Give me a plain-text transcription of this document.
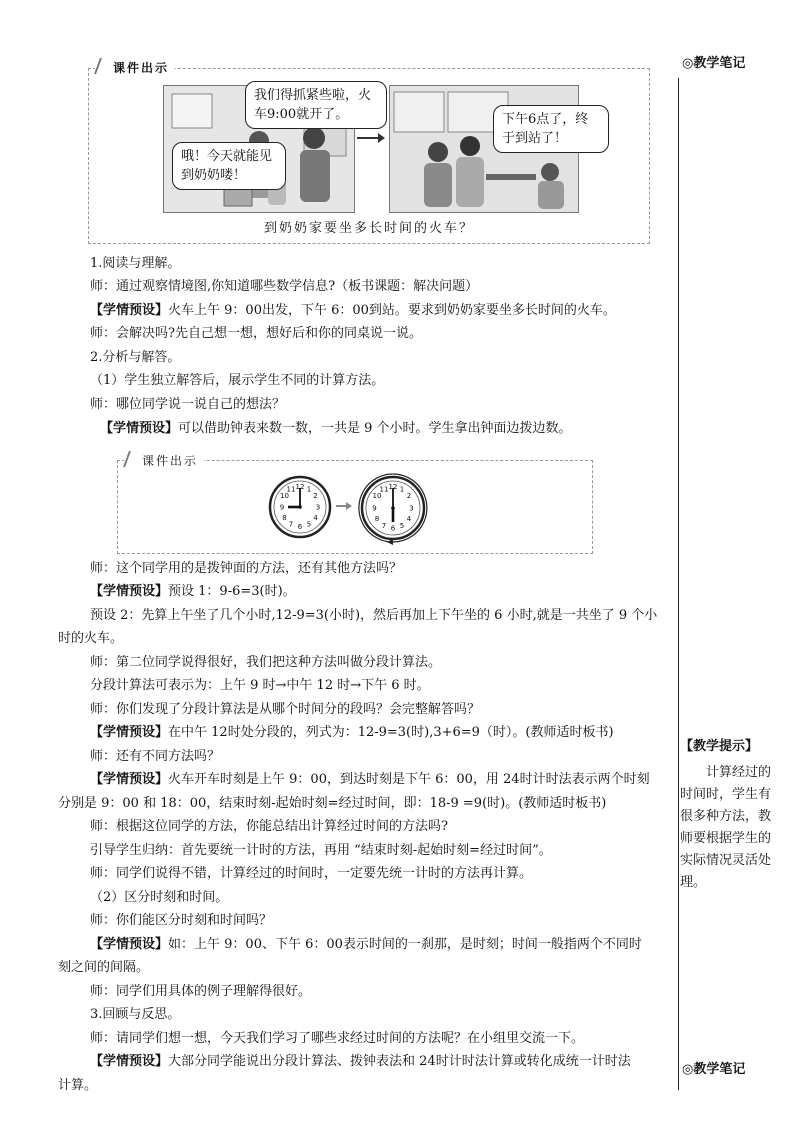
◎教学笔记
【教学提示】
计算经过的时间时，学生有很多种方法，教师要根据学生的实际情况灵活处理。
◎教学笔记
课件出示
哦！今天就能见到奶奶喽！
我们得抓紧些啦，火车9:00就开了。	下午6点了，终于到站了！
到奶奶家要坐多长时间的火车？
1.阅读与理解。
师：通过观察情境图,你知道哪些数学信息?（板书课题：解决问题）
【学情预设】火车上午 9：00出发，下午 6：00到站。要求到奶奶家要坐多长时间的火车。
师：会解决吗?先自己想一想，想好后和你的同桌说一说。
2.分析与解答。
（1）学生独立解答后，展示学生不同的计算方法。
师：哪位同学说一说自己的想法？
【学情预设】可以借助钟表来数一数，一共是 9 个小时。学生拿出钟面边拨边数。
课件出示
12 1
2
3
4
5
6
7
8
9
10
11	12 1
2
3
4
5
6
7
8
9
10
11
师：这个同学用的是拨钟面的方法，还有其他方法吗？
【学情预设】预设 1：9-6=3(时)。
预设 2：先算上午坐了几个小时,12-9=3(小时)，然后再加上下午坐的 6 小时,就是一共坐了 9 个小
时的火车。
师：第二位同学说得很好，我们把这种方法叫做分段计算法。
分段计算法可表示为：上午 9 时→中午 12 时→下午 6 时。
师：你们发现了分段计算法是从哪个时间分的段吗？会完整解答吗？
【学情预设】在中午 12时处分段的，列式为：12-9=3(时),3+6=9（时）。(教师适时板书)
师：还有不同方法吗？
【学情预设】火车开车时刻是上午 9：00，到达时刻是下午 6：00，用 24时计时法表示两个时刻
分别是 9：00 和 18：00，结束时刻-起始时刻=经过时间，即：18-9 =9(时)。(教师适时板书)
师：根据这位同学的方法，你能总结出计算经过时间的方法吗?
引导学生归纳：首先要统一计时的方法，再用 “结束时刻-起始时刻=经过时间”。
师：同学们说得不错，计算经过的时间时，一定要先统一计时的方法再计算。
（2）区分时刻和时间。
师：你们能区分时刻和时间吗？
【学情预设】如：上午 9：00、下午 6：00表示时间的一刹那，是时刻；时间一般指两个不同时
刻之间的间隔。
师：同学们用具体的例子理解得很好。
3.回顾与反思。
师：请同学们想一想，今天我们学习了哪些求经过时间的方法呢？在小组里交流一下。
【学情预设】大部分同学能说出分段计算法、拨钟表法和 24时计时法计算或转化成统一计时法
计算。
